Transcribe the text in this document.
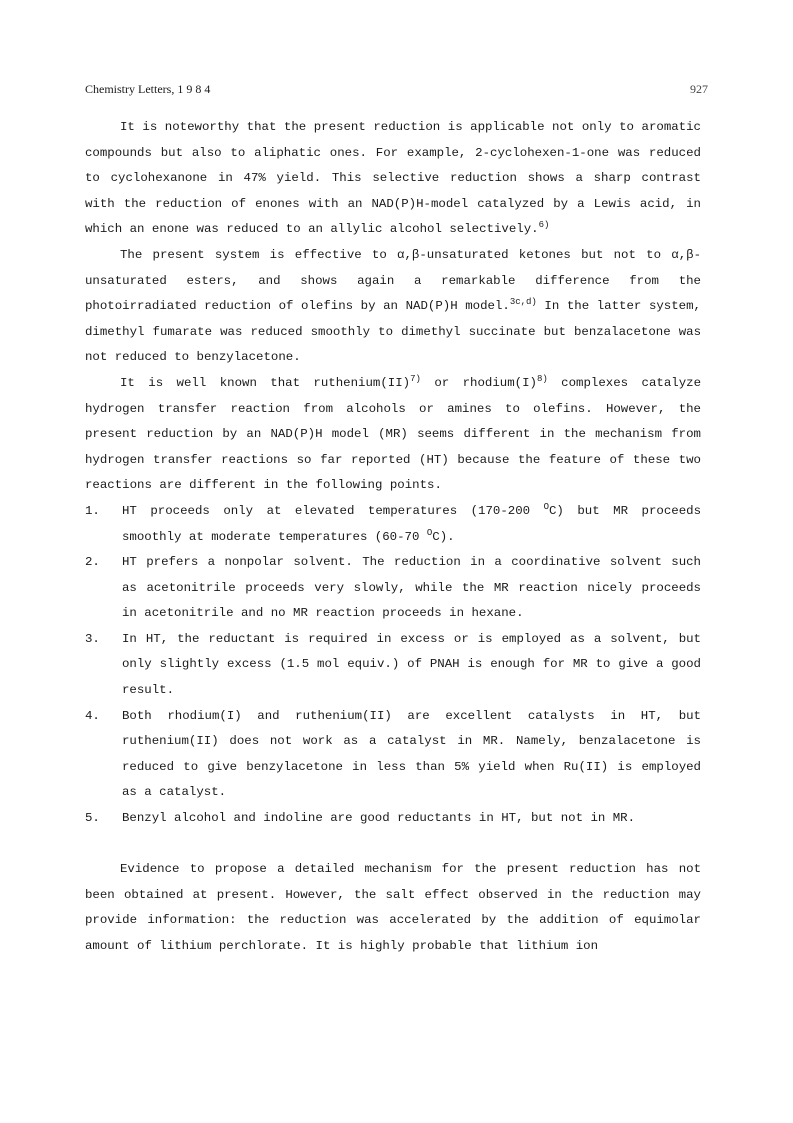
Chemistry Letters, 1 9 8 4	927

It is noteworthy that the present reduction is applicable not only to aromatic compounds but also to aliphatic ones. For example, 2-cyclohexen-1-one was reduced to cyclohexanone in 47% yield. This selective reduction shows a sharp contrast with the reduction of enones with an NAD(P)H-model catalyzed by a Lewis acid, in which an enone was reduced to an allylic alcohol selectively.$^{6)}$

The present system is effective to α,β-unsaturated ketones but not to α,β-unsaturated esters, and shows again a remarkable difference from the photoirradiated reduction of olefins by an NAD(P)H model.$^{3c,d)}$ In the latter system, dimethyl fumarate was reduced smoothly to dimethyl succinate but benzalacetone was not reduced to benzylacetone.

It is well known that ruthenium(II)$^{7)}$ or $rhodium(I)^{8)}$ complexes catalyze hydrogen transfer reaction from alcohols or amines to olefins. However, the present reduction by an NAD(P)H model (MR) seems different in the mechanism from hydrogen transfer reactions so far reported (HT) because the feature of these two reactions are different in the following points.

1. HT proceeds only at elevated temperatures (170-200 $^O$C) but MR proceeds smoothly at moderate temperatures (60-70 $^O$C).
2. HT prefers a nonpolar solvent. The reduction in a coordinative solvent such as acetonitrile proceeds very slowly, while the MR reaction nicely proceeds in acetonitrile and no MR reaction proceeds in hexane.
3. In HT, the reductant is required in excess or is employed as a solvent, but only slightly excess (1.5 mol equiv.) of PNAH is enough for MR to give a good result.
4. Both rhodium(I) and ruthenium(II) are excellent catalysts in HT, but ruthenium(II) does not work as a catalyst in MR. Namely, benzalacetone is reduced to give benzylacetone in less than 5% yield when Ru(II) is employed as a catalyst.
5. Benzyl alcohol and indoline are good reductants in HT, but not in MR.

Evidence to propose a detailed mechanism for the present reduction has not been obtained at present. However, the salt effect observed in the reduction may provide information: the reduction was accelerated by the addition of equimolar amount of lithium perchlorate. It is highly probable that lithium ion
